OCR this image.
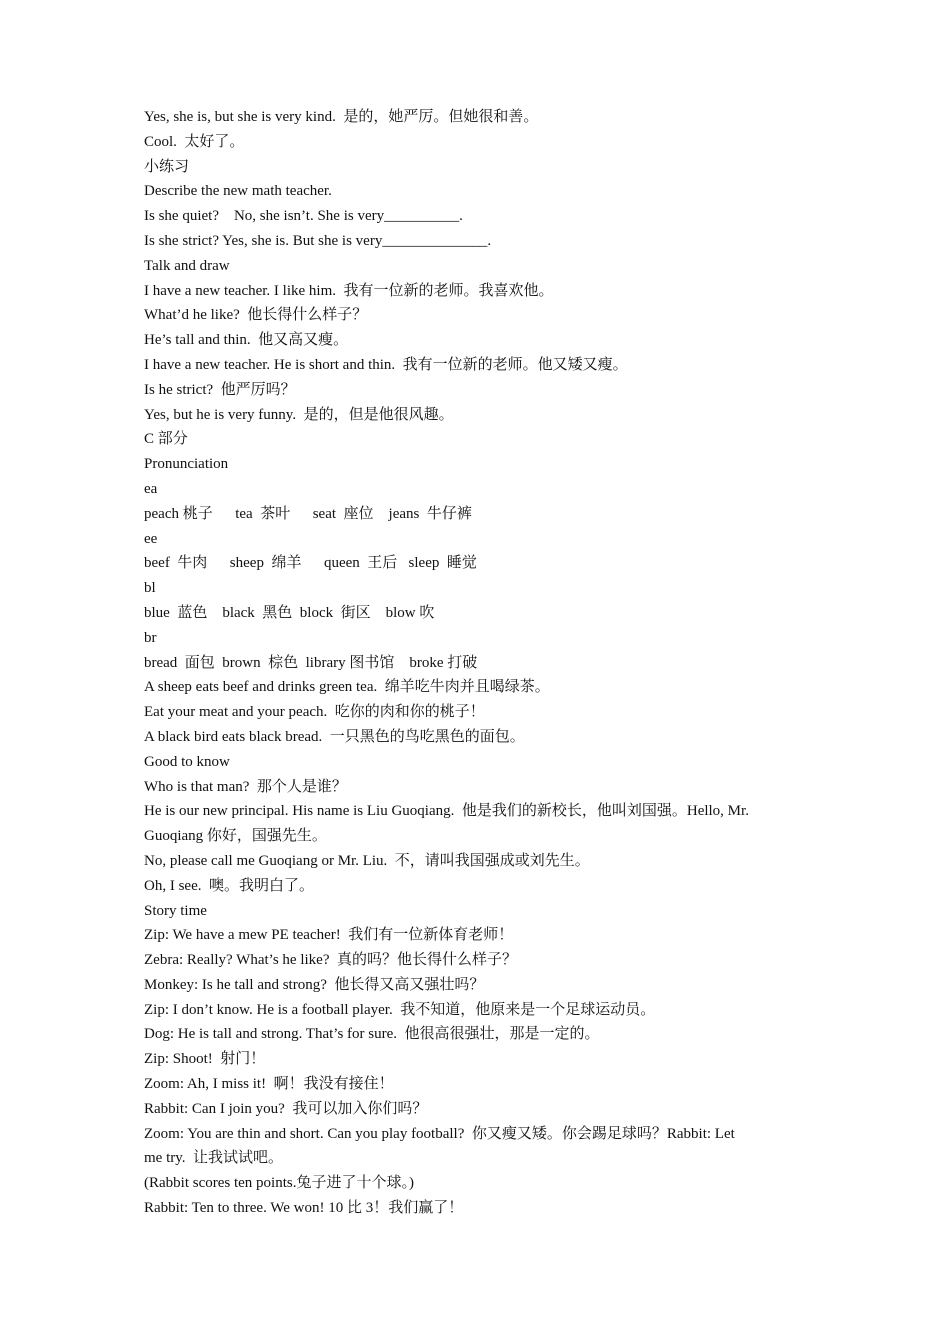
Yes, she is, but she is very kind.  是的，她严厉。但她很和善。
Cool.  太好了。
小练习
Describe the new math teacher.
Is she quiet?    No, she isn’t. She is very__________.
Is she strict? Yes, she is. But she is very______________.
Talk and draw
I have a new teacher. I like him.  我有一位新的老师。我喜欢他。
What’d he like?  他长得什么样子？
He’s tall and thin.  他又高又瘦。
I have a new teacher. He is short and thin.  我有一位新的老师。他又矮又瘦。
Is he strict?  他严厉吗？
Yes, but he is very funny.  是的，但是他很风趣。
C 部分
Pronunciation
ea
peach 桃子      tea  茶叶      seat  座位    jeans  牛仔裤
ee
beef  牛肉      sheep  绵羊      queen  王后   sleep  睡觉
bl
blue  蓝色    black  黑色  block  街区    blow 吹
br
bread  面包  brown  棕色  library 图书馆    broke 打破
A sheep eats beef and drinks green tea.  绵羊吃牛肉并且喝绿茶。
Eat your meat and your peach.  吃你的肉和你的桃子！
A black bird eats black bread.  一只黑色的鸟吃黑色的面包。
Good to know
Who is that man?  那个人是谁？
He is our new principal. His name is Liu Guoqiang.  他是我们的新校长，他叫刘国强。Hello, Mr.
Guoqiang 你好，国强先生。
No, please call me Guoqiang or Mr. Liu.  不，请叫我国强成或刘先生。
Oh, I see.  噢。我明白了。
Story time
Zip: We have a mew PE teacher!  我们有一位新体育老师！
Zebra: Really? What’s he like?  真的吗？他长得什么样子？
Monkey: Is he tall and strong?  他长得又高又强壮吗？
Zip: I don’t know. He is a football player.  我不知道，他原来是一个足球运动员。
Dog: He is tall and strong. That’s for sure.  他很高很强壮，那是一定的。
Zip: Shoot!  射门！
Zoom: Ah, I miss it!  啊！我没有接住！
Rabbit: Can I join you?  我可以加入你们吗？
Zoom: You are thin and short. Can you play football?  你又瘦又矮。你会踢足球吗？Rabbit: Let
me try.  让我试试吧。
(Rabbit scores ten points.兔子进了十个球。)
Rabbit: Ten to three. We won! 10 比 3！我们赢了！
